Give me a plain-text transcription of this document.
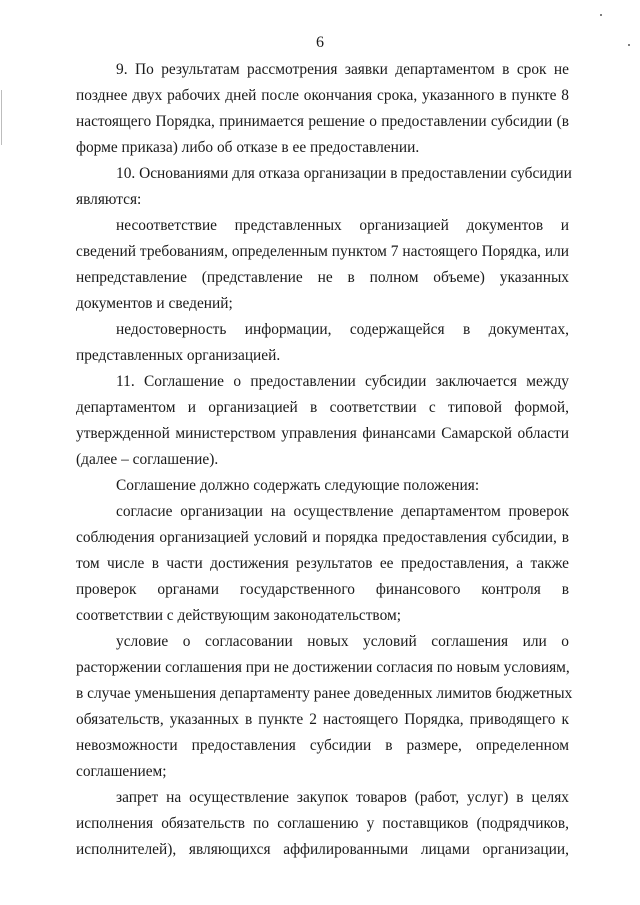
6
9. По результатам рассмотрения заявки департаментом в срок не
позднее двух рабочих дней после окончания срока, указанного в пункте 8
настоящего Порядка, принимается решение о предоставлении субсидии (в
форме приказа) либо об отказе в ее предоставлении.
10. Основаниями для отказа организации в предоставлении субсидии
являются:
несоответствие представленных организацией документов и
сведений требованиям, определенным пунктом 7 настоящего Порядка, или
непредставление (представление не в полном объеме) указанных
документов и сведений;
недостоверность информации, содержащейся в документах,
представленных организацией.
11. Соглашение о предоставлении субсидии заключается между
департаментом и организацией в соответствии с типовой формой,
утвержденной министерством управления финансами Самарской области
(далее – соглашение).
Соглашение должно содержать следующие положения:
согласие организации на осуществление департаментом проверок
соблюдения организацией условий и порядка предоставления субсидии, в
том числе в части достижения результатов ее предоставления, а также
проверок органами государственного финансового контроля в
соответствии с действующим законодательством;
условие о согласовании новых условий соглашения или о
расторжении соглашения при не достижении согласия по новым условиям,
в случае уменьшения департаменту ранее доведенных лимитов бюджетных
обязательств, указанных в пункте 2 настоящего Порядка, приводящего к
невозможности предоставления субсидии в размере, определенном
соглашением;
запрет на осуществление закупок товаров (работ, услуг) в целях
исполнения обязательств по соглашению у поставщиков (подрядчиков,
исполнителей), являющихся аффилированными лицами организации,
